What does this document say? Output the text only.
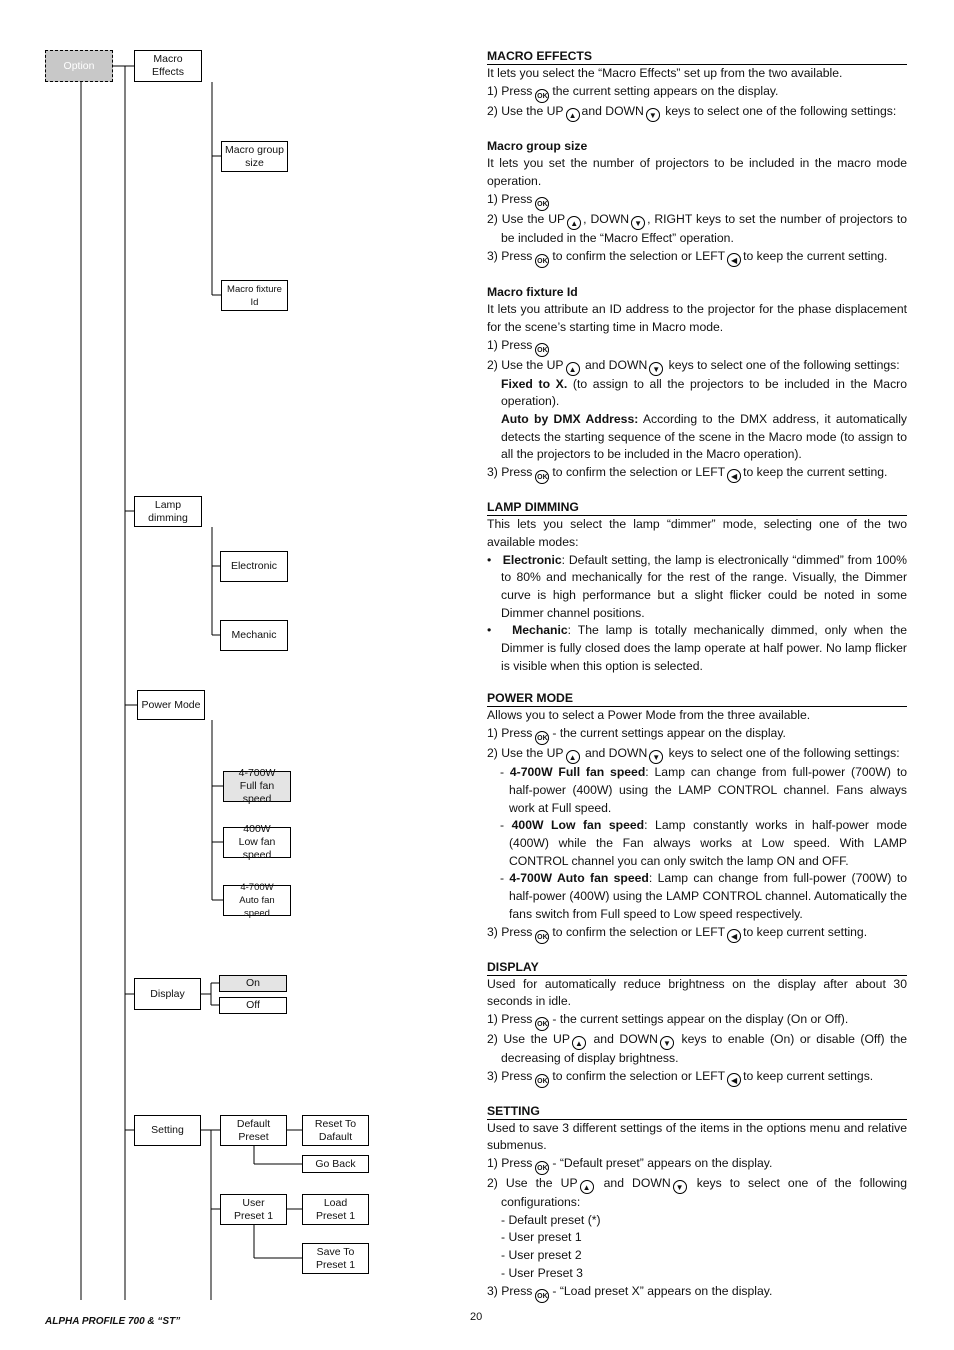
Option
Macro
Effects
Macro group
size
Macro fixture Id
Lamp
dimming
Electronic
Mechanic
Power Mode
4-700W
Full fan speed
400W
Low fan speed
4-700W
Auto fan speed
Display
On
Off
Setting
Default
Preset
Reset To
Dafault
Go Back
User
Preset 1
Load
Preset 1
Save To
Preset 1
MACRO EFFECTS
It lets you select the “Macro Effects” set up from the two available.
1) Press OK the current setting appears on the display.
2) Use the UP ▲ and DOWN ▼ keys to select one of the following settings:
Macro group size
It lets you set the number of projectors to be included in the macro mode operation.
1) Press OK
2) Use the UP ▲ , DOWN ▼ , RIGHT keys to set the number of projectors to be included in the “Macro Effect” operation.
3) Press OK to confirm the selection or LEFT ◀ to keep the current setting.
Macro fixture Id
It lets you attribute an ID address to the projector for the phase displacement for the scene’s starting time in Macro mode.
1) Press OK
2) Use the UP ▲ and DOWN ▼ keys to select one of the following settings:
Fixed to X. (to assign to all the projectors to be included in the Macro operation).
Auto by DMX Address: According to the DMX address, it automatically detects the starting sequence of the scene in the Macro mode (to assign to all the projectors to be included in the Macro operation).
3) Press OK to confirm the selection or LEFT ◀ to keep the current setting.
LAMP DIMMING
This lets you select the lamp “dimmer” mode, selecting one of the two available modes:
•   Electronic: Default setting, the lamp is electronically “dimmed” from 100% to 80% and mechanically for the rest of the range. Visually, the Dimmer curve is high performance but a slight flicker could be noted in some Dimmer channel positions.
•   Mechanic: The lamp is totally mechanically dimmed, only when the Dimmer is fully closed does the lamp operate at half power. No lamp flicker is visible when this option is selected.
POWER MODE
Allows you to select a Power Mode from the three available.
1) Press OK - the current settings appear on the display.
2) Use the UP ▲ and DOWN ▼ keys to select one of the following settings:
- 4-700W Full fan speed: Lamp can change from full-power (700W) to half-power (400W) using the LAMP CONTROL channel. Fans always work at Full speed.
- 400W Low fan speed: Lamp constantly works in half-power mode (400W) while the Fan always works at Low speed. With LAMP CONTROL channel you can only switch the lamp ON and OFF.
- 4-700W Auto fan speed: Lamp can change from full-power (700W) to half-power (400W) using the LAMP CONTROL channel. Automatically the fans switch from Full speed to Low speed respectively.
3) Press OK to confirm the selection or LEFT ◀ to keep current setting.
DISPLAY
Used for automatically reduce brightness on the display after about 30 seconds in idle.
1) Press OK - the current settings appear on the display (On or Off).
2) Use the UP ▲ and DOWN ▼ keys to enable (On) or disable (Off) the decreasing of display brightness.
3) Press OK to confirm the selection or LEFT ◀ to keep current settings.
SETTING
Used to save 3 different settings of the items in the options menu and relative submenus.
1) Press OK - “Default preset” appears on the display.
2) Use the UP ▲ and DOWN ▼ keys to select one of the following configurations:
- Default preset (*)
- User preset 1
- User preset 2
- User Preset 3
3) Press OK - “Load preset X” appears on the display.
20
ALPHA PROFILE 700 & “ST”
